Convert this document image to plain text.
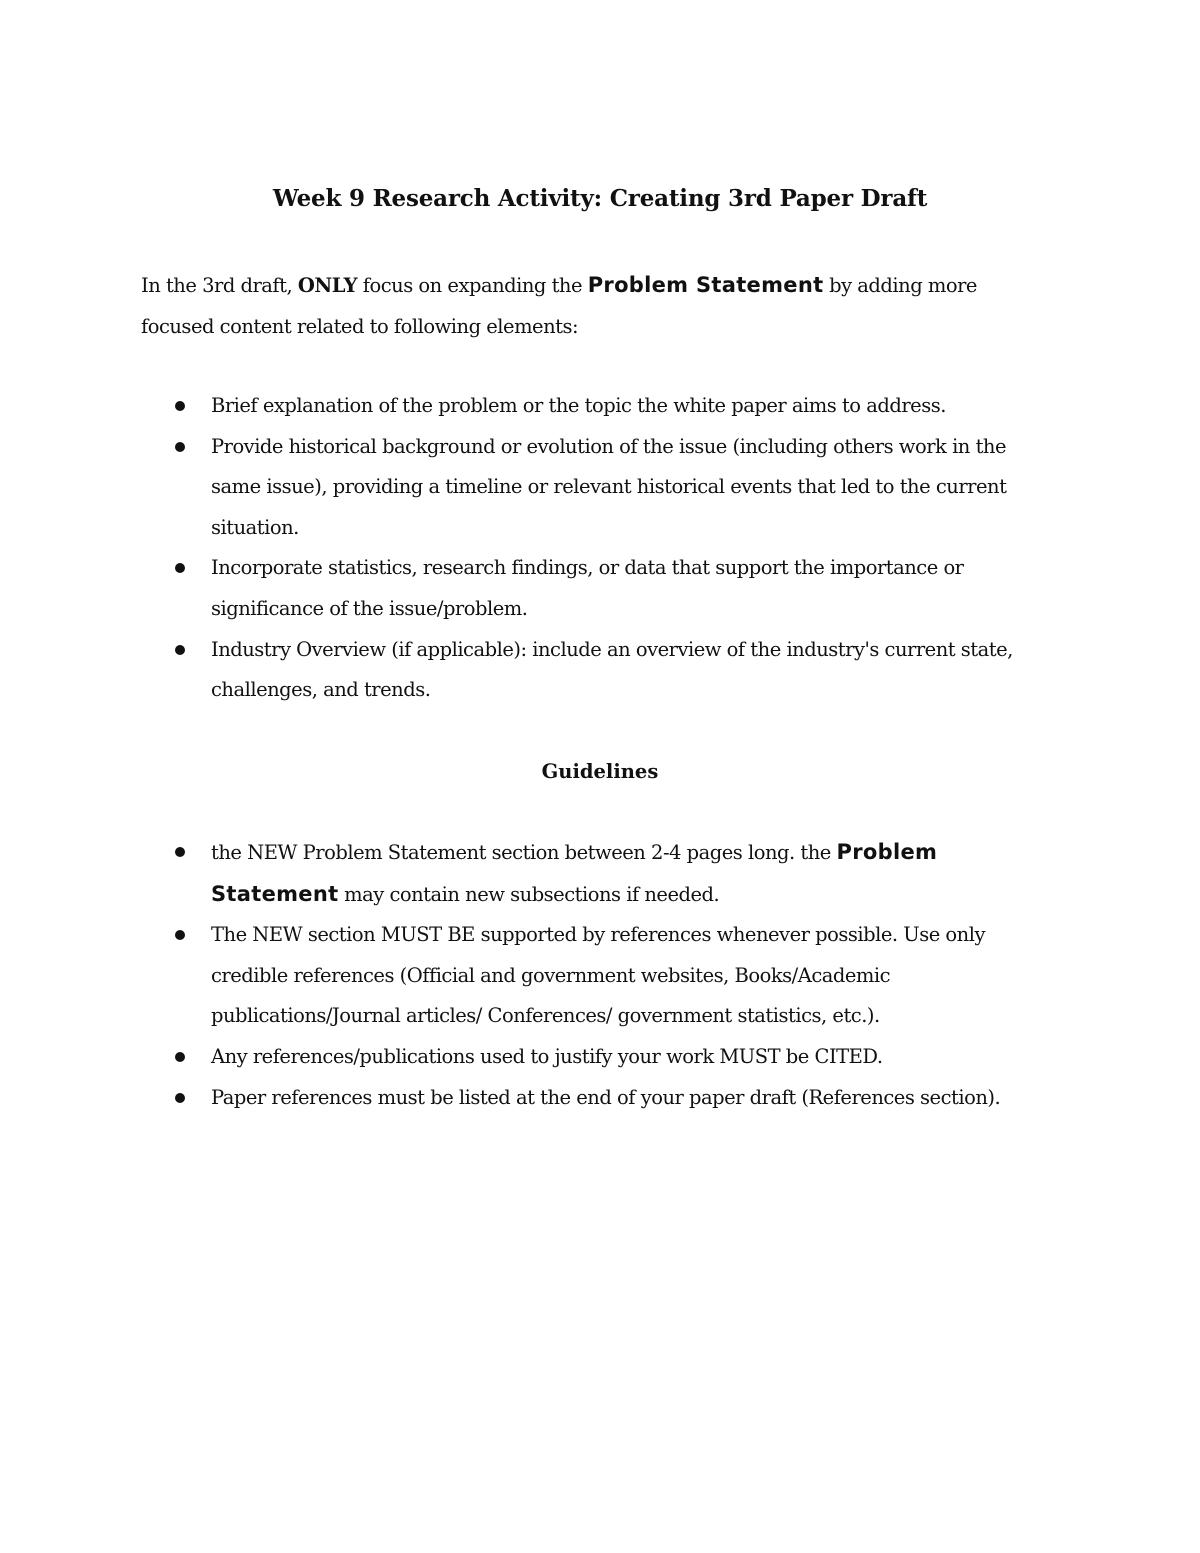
Week 9 Research Activity: Creating 3rd Paper Draft

In the 3rd draft, ONLY focus on expanding the Problem Statement by adding more focused content related to following elements:

Brief explanation of the problem or the topic the white paper aims to address.
Provide historical background or evolution of the issue (including others work in the same issue), providing a timeline or relevant historical events that led to the current situation.
Incorporate statistics, research findings, or data that support the importance or significance of the issue/problem.
Industry Overview (if applicable): include an overview of the industry's current state, challenges, and trends.
Guidelines
the NEW Problem Statement section between 2-4 pages long. the Problem Statement may contain new subsections if needed.
The NEW section MUST BE supported by references whenever possible. Use only credible references (Official and government websites, Books/Academic publications/Journal articles/ Conferences/ government statistics, etc.).
Any references/publications used to justify your work MUST be CITED.
Paper references must be listed at the end of your paper draft (References section).
